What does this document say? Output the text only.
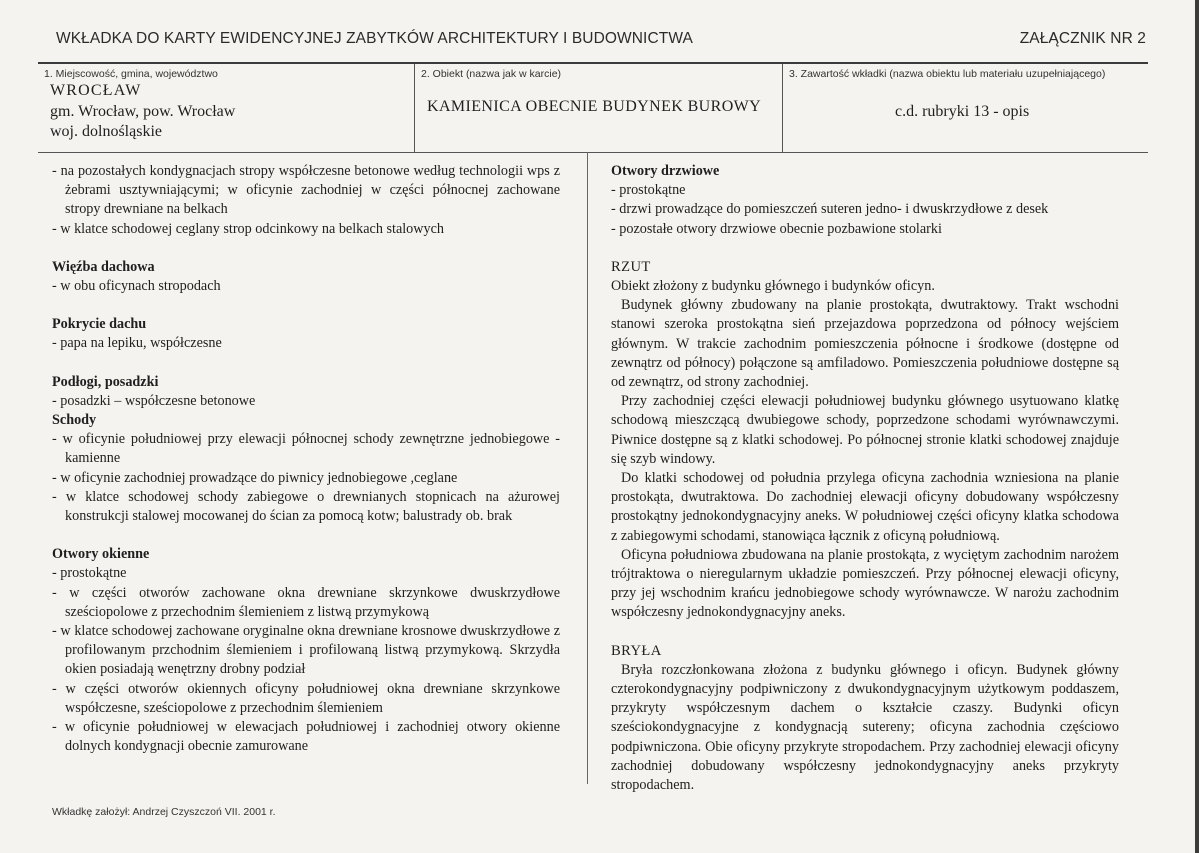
WKŁADKA DO KARTY EWIDENCYJNEJ ZABYTKÓW ARCHITEKTURY I BUDOWNICTWA	ZAŁĄCZNIK NR 2
1. Miejscowość, gmina, województwo
WROCŁAW
gm. Wrocław, pow. Wrocław
woj. dolnośląskie
2. Obiekt (nazwa jak w karcie)
KAMIENICA OBECNIE BUDYNEK BUROWY
3. Zawartość wkładki (nazwa obiektu lub materiału uzupełniającego)
c.d. rubryki 13 - opis

- na pozostałych kondygnacjach stropy współczesne betonowe według technologii wps z żebrami usztywniającymi; w oficynie zachodniej w części północnej zachowane stropy drewniane na belkach

- w klatce schodowej ceglany strop odcinkowy na belkach stalowych

Więźba dachowa

- w obu oficynach stropodach

Pokrycie dachu

- papa na lepiku, współczesne

Podłogi, posadzki

- posadzki – współczesne betonowe

Schody

- w oficynie południowej przy elewacji północnej schody zewnętrzne jednobiegowe - kamienne

- w oficynie zachodniej prowadzące do piwnicy jednobiegowe ,ceglane

- w klatce schodowej schody zabiegowe o drewnianych stopnicach na ażurowej konstrukcji stalowej mocowanej do ścian za pomocą kotw; balustrady ob. brak

Otwory okienne

- prostokątne

- w części otworów zachowane okna drewniane skrzynkowe dwuskrzydłowe sześciopolowe z przechodnim ślemieniem z listwą przymykową

- w klatce schodowej zachowane oryginalne okna drewniane krosnowe dwuskrzydłowe z profilowanym przchodnim ślemieniem i profilowaną listwą przymykową. Skrzydła okien posiadają wenętrzny drobny podział

- w części otworów okiennych oficyny południowej okna drewniane skrzynkowe współczesne, sześciopolowe z przechodnim ślemieniem

- w oficynie południowej w elewacjach południowej i zachodniej otwory okienne dolnych kondygnacji obecnie zamurowane

Otwory drzwiowe

- prostokątne

- drzwi prowadzące do pomieszczeń suteren jedno- i dwuskrzydłowe z desek

- pozostałe otwory drzwiowe obecnie pozbawione stolarki

RZUT

Obiekt złożony z budynku głównego i budynków oficyn.

Budynek główny zbudowany na planie prostokąta, dwutraktowy. Trakt wschodni stanowi szeroka prostokątna sień przejazdowa poprzedzona od północy wejściem głównym. W trakcie zachodnim pomieszczenia północne i środkowe (dostępne od zewnątrz od północy) połączone są amfiladowo. Pomieszczenia południowe dostępne są od zewnątrz, od strony zachodniej.

Przy zachodniej części elewacji południowej budynku głównego usytuowano klatkę schodową mieszczącą dwubiegowe schody, poprzedzone schodami wyrównawczymi. Piwnice dostępne są z klatki schodowej. Po północnej stronie klatki schodowej znajduje się szyb windowy.

Do klatki schodowej od południa przylega oficyna zachodnia wzniesiona na planie prostokąta, dwutraktowa. Do zachodniej elewacji oficyny dobudowany współczesny prostokątny jednokondygnacyjny aneks. W południowej części oficyny klatka schodowa z zabiegowymi schodami, stanowiąca łącznik z oficyną południową.

Oficyna południowa zbudowana na planie prostokąta, z wyciętym zachodnim narożem trójtraktowa o nieregularnym układzie pomieszczeń. Przy północnej elewacji oficyny, przy jej wschodnim krańcu jednobiegowe schody wyrównawcze. W narożu zachodnim współczesny jednokondygnacyjny aneks.

BRYŁA

Bryła rozczłonkowana złożona z budynku głównego i oficyn. Budynek główny czterokondygnacyjny podpiwniczony z dwukondygnacyjnym użytkowym poddaszem, przykryty współczesnym dachem o kształcie czaszy. Budynki oficyn sześciokondygnacyjne z kondygnacją sutereny; oficyna zachodnia częściowo podpiwniczona. Obie oficyny przykryte stropodachem. Przy zachodniej elewacji oficyny zachodniej dobudowany współczesny jednokondygnacyjny aneks przykryty stropodachem.

Wkładkę założył: Andrzej Czyszczoń VII. 2001 r.
